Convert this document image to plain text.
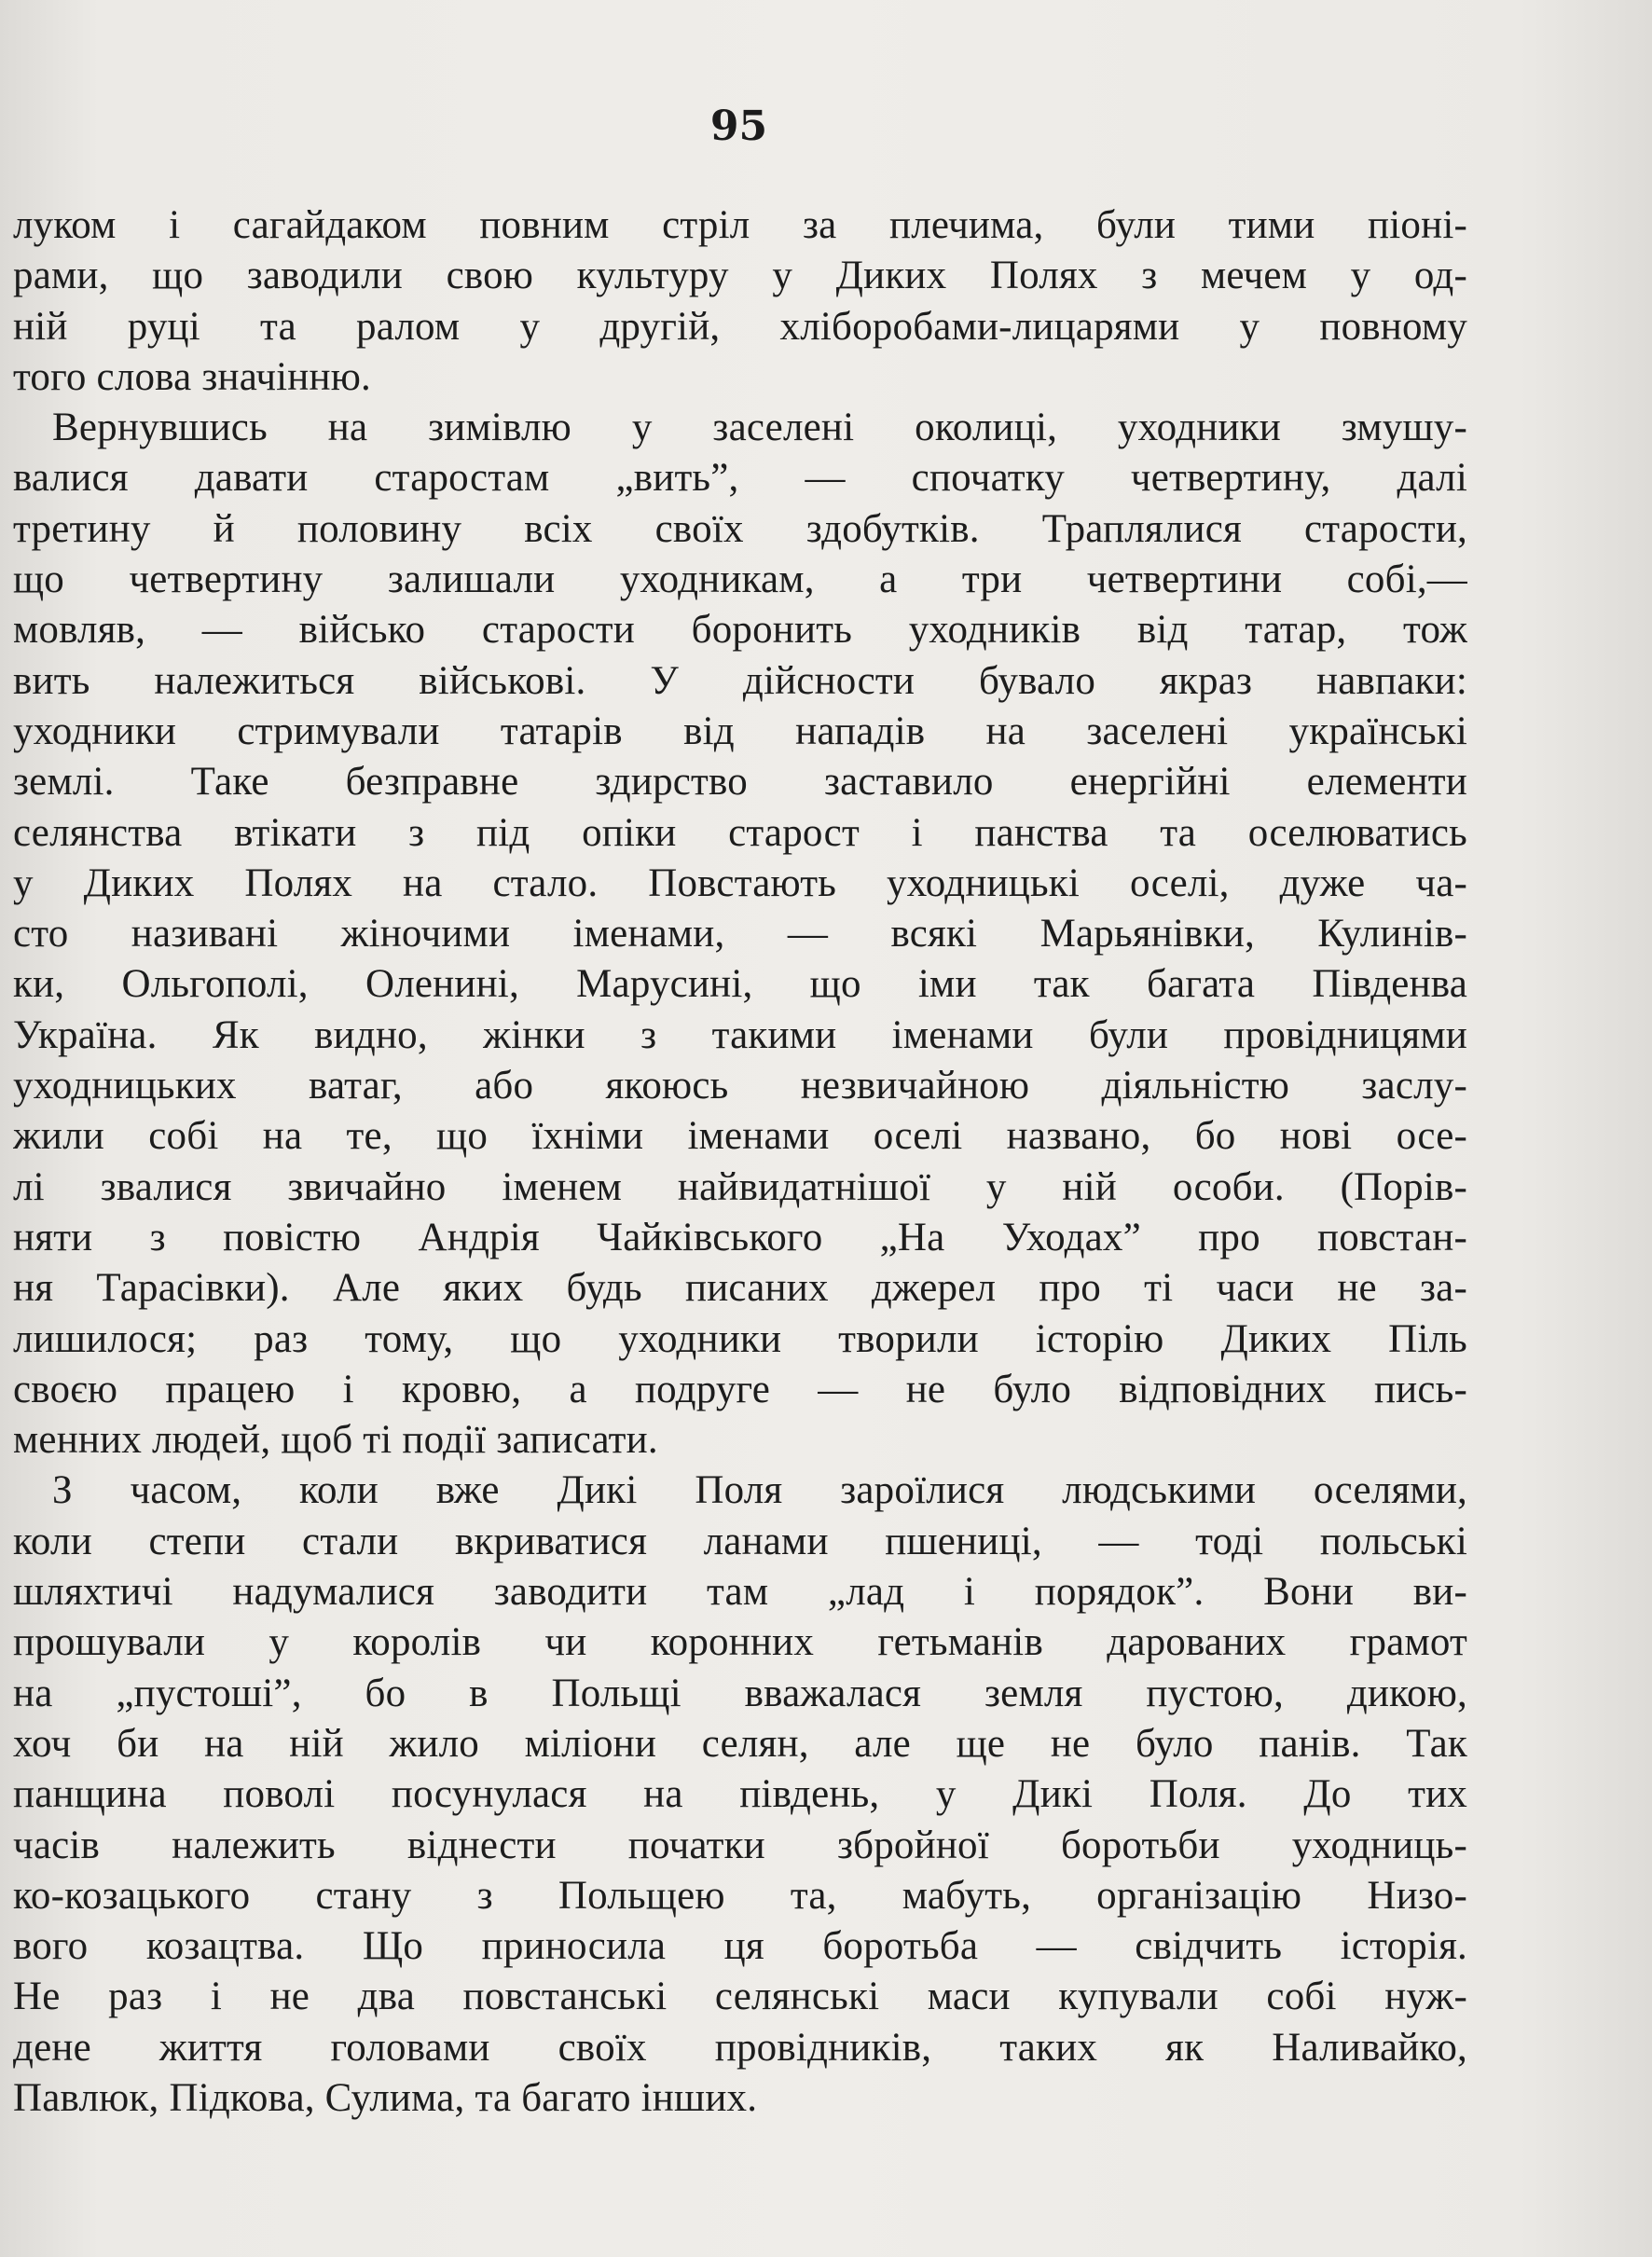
95
луком і сагайдаком повним стріл за плечима, були тими піоні-
рами, що заводили свою культуру у Диких Полях з мечем у од-
ній руці та ралом у другій, хліборобами-лицарями у повному
того слова значінню.
Вернувшись на зимівлю у заселені околиці, уходники змушу-
валися давати старостам „вить”, — спочатку четвертину, далі
третину й половину всіх своїх здобутків. Траплялися старости,
що четвертину залишали уходникам, а три четвертини собі,—
мовляв, — військо старости боронить уходників від татар, тож
вить належиться військові. У дійсности бувало якраз навпаки:
уходники стримували татарів від нападів на заселені українські
землі. Таке безправне здирство заставило енергійні елементи
селянства втікати з під опіки старост і панства та оселюватись
у Диких Полях на стало. Повстають уходницькі оселі, дуже ча-
сто називані жіночими іменами, — всякі Марьянівки, Кулинів-
ки, Ольгополі, Оленині, Марусині, що іми так багата Південва
Україна. Як видно, жінки з такими іменами були провідницями
уходницьких ватаг, або якоюсь незвичайною діяльністю заслу-
жили собі на те, що їхніми іменами оселі названо, бо нові осе-
лі звалися звичайно іменем найвидатнішої у ній особи. (Порів-
няти з повістю Андрія Чайківського „На Уходах” про повстан-
ня Тарасівки). Але яких будь писаних джерел про ті часи не за-
лишилося; раз тому, що уходники творили історію Диких Піль
своєю працею і кровю, а подруге — не було відповідних пись-
менних людей, щоб ті події записати.
З часом, коли вже Дикі Поля зароїлися людськими оселями,
коли степи стали вкриватися ланами пшениці, — тоді польські
шляхтичі надумалися заводити там „лад і порядок”. Вони ви-
прошували у королів чи коронних гетьманів дарованих грамот
на „пустоші”, бо в Польщі вважалася земля пустою, дикою,
хоч би на ній жило міліони селян, але ще не було панів. Так
панщина поволі посунулася на південь, у Дикі Поля. До тих
часів належить віднести початки збройної боротьби уходниць-
ко-козацького стану з Польщею та, мабуть, організацію Низо-
вого козацтва. Що приносила ця боротьба — свідчить історія.
Не раз і не два повстанські селянські маси купували собі нуж-
дене життя головами своїх провідників, таких як Наливайко,
Павлюк, Підкова, Сулима, та багато інших.
